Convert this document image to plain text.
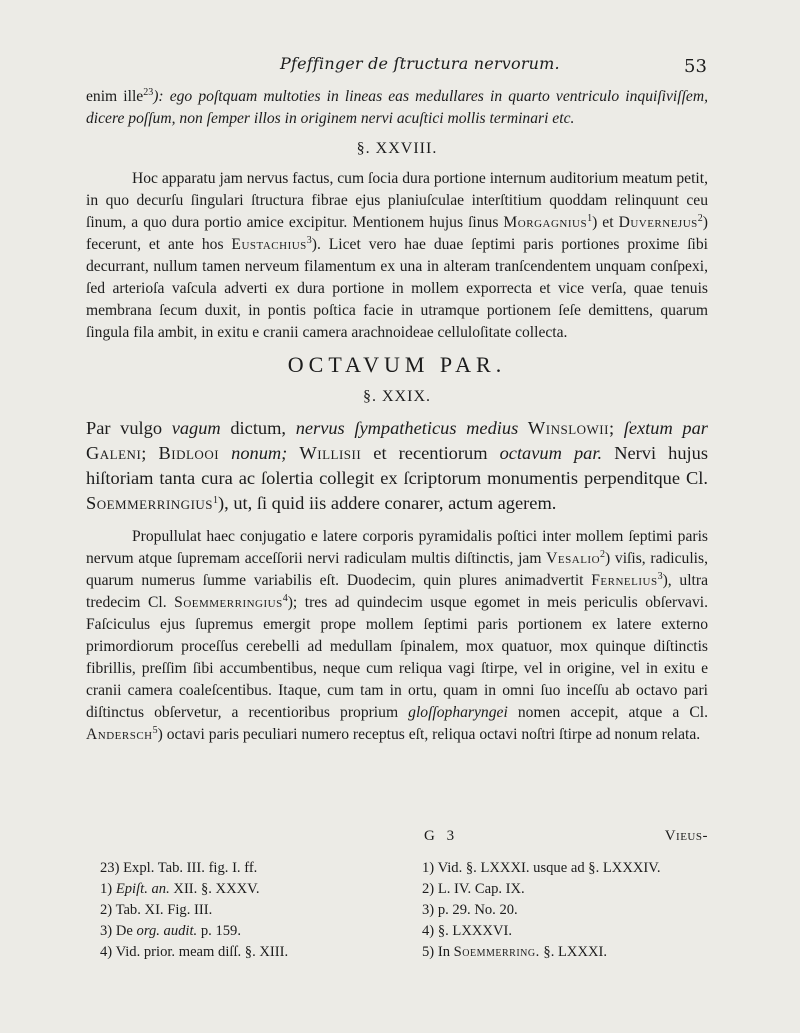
Pfeffinger de ſtructura nervorum.	53

enim ille$^{23}$): ego poſtquam multoties in lineas eas medullares in quarto ventriculo inquiſiviſſem, dicere poſſum, non ſemper illos in originem nervi acuſtici mollis terminari etc.

§. XXVIII.

Hoc apparatu jam nervus factus, cum ſocia dura portione internum auditorium meatum petit, in quo decurſu ſingulari ſtructura fibrae ejus planiuſculae interſtitium quoddam relinquunt ceu ſinum, a quo dura portio amice excipitur. Mentionem hujus ſinus Morgagnius$^1$) et Duvernejus$^2$) fecerunt, et ante hos Eustachius$^3$). Licet vero hae duae ſeptimi paris portiones proxime ſibi decurrant, nullum tamen nerveum filamentum ex una in alteram tranſcendentem unquam conſpexi, ſed arterioſa vaſcula adverti ex dura portione in mollem exporrecta et vice verſa, quae tenuis membrana ſecum duxit, in pontis poſtica facie in utramque portionem ſeſe demittens, quarum ſingula fila ambit, in exitu e cranii camera arachnoideae celluloſitate collecta.

OCTAVUM PAR.
§. XXIX.

Par vulgo vagum dictum, nervus ſympatheticus medius Winslowii; ſextum par Galeni; Bidlooi nonum; Willisii et recentiorum octavum par. Nervi hujus hiſtoriam tanta cura ac ſolertia collegit ex ſcriptorum monumentis perpenditque Cl. Soemmerringius$^1$), ut, ſi quid iis addere conarer, actum agerem.

Propullulat haec conjugatio e latere corporis pyramidalis poſtici inter mollem ſeptimi paris nervum atque ſupremam acceſſorii nervi radiculam multis diſtinctis, jam Vesalio$^2$) viſis, radiculis, quarum numerus ſumme variabilis eſt. Duodecim, quin plures animadvertit Fernelius$^3$), ultra tredecim Cl. Soemmerringius$^4$); tres ad quindecim usque egomet in meis periculis obſervavi. Faſciculus ejus ſupremus emergit prope mollem ſeptimi paris portionem ex latere externo primordiorum proceſſus cerebelli ad medullam ſpinalem, mox quatuor, mox quinque diſtinctis fibrillis, preſſim ſibi accumbentibus, neque cum reliqua vagi ſtirpe, vel in origine, vel in exitu e cranii camera coaleſcentibus. Itaque, cum tam in ortu, quam in omni ſuo inceſſu ab octavo pari diſtinctus obſervetur, a recentioribus proprium gloſſopharyngei nomen accepit, atque a Cl. Andersch$^5$) octavi paris peculiari numero receptus eſt, reliqua octavi noſtri ſtirpe ad nonum relata.

G 3	Vieus-
23) Expl. Tab. III. fig. I. ff.
1) Epiſt. an. XII. §. XXXV.
2) Tab. XI. Fig. III.
3) De org. audit. p. 159.
4) Vid. prior. meam diſſ. §. XIII.
1) Vid. §. LXXXI. usque ad §. LXXXIV.
2) L. IV. Cap. IX.
3) p. 29. No. 20.
4) §. LXXXVI.
5) In Soemmerring. §. LXXXI.
